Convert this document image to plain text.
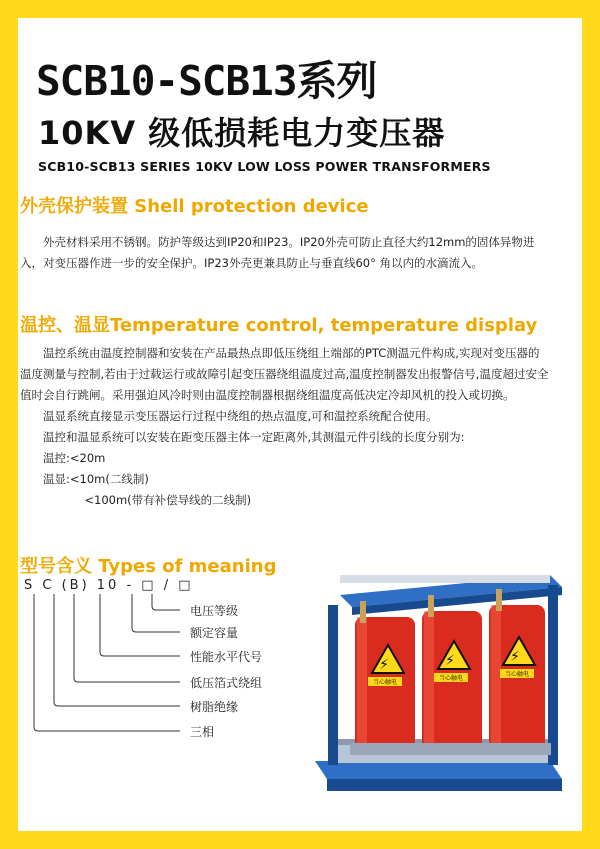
SCB10-SCB13系列
10KV 级低损耗电力变压器
SCB10-SCB13 SERIES 10KV LOW LOSS POWER TRANSFORMERS
外壳保护装置 Shell protection device

外壳材料采用不锈钢。防护等级达到IP20和IP23。IP20外壳可防止直径大约12mm的固体异物进入，对变压器作进一步的安全保护。IP23外壳更兼具防止与垂直线60° 角以内的水滴流入。

温控、温显Temperature control, temperature display

温控系统由温度控制器和安装在产品最热点即低压绕组上端部的PTC测温元件构成,实现对变压器的温度测量与控制,若由于过载运行或故障引起变压器绕组温度过高,温度控制器发出报警信号,温度超过安全值时会自行跳闸。采用强迫风冷时则由温度控制器根据绕组温度高低决定冷却风机的投入或切换。

温显系统直接显示变压器运行过程中绕组的热点温度,可和温控系统配合使用。

温控和温显系统可以安装在距变压器主体一定距离外,其测温元件引线的长度分别为:

温控:<20m
温显:<10m(二线制)
<100m(带有补偿导线的二线制)
型号含义 Types of meaning
S C (B) 10 - □ / □
电压等级
额定容量
性能水平代号
低压箔式绕组
树脂绝缘
三相
⚡
当心触电
⚡
当心触电
⚡
当心触电
